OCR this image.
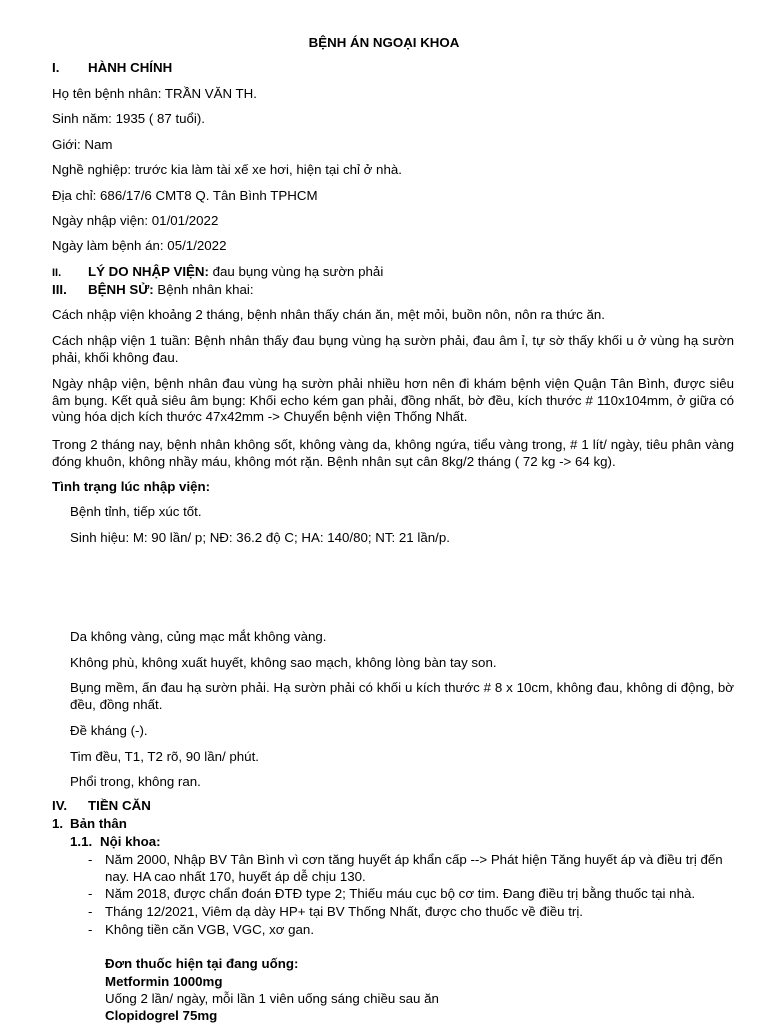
BỆNH ÁN NGOẠI KHOA
I. HÀNH CHÍNH
Họ tên bệnh nhân: TRẦN VĂN TH.
Sinh năm: 1935 ( 87 tuổi).
Giới: Nam
Nghề nghiệp: trước kia làm tài xế xe hơi, hiện tại chỉ ở nhà.
Địa chỉ: 686/17/6 CMT8 Q. Tân Bình TPHCM
Ngày nhập viện: 01/01/2022
Ngày làm bệnh án: 05/1/2022
II. LÝ DO NHẬP VIỆN: đau bụng vùng hạ sườn phải
III. BỆNH SỬ: Bệnh nhân khai:
Cách nhập viện khoảng 2 tháng, bệnh nhân thấy chán ăn, mệt mỏi, buồn nôn, nôn ra thức ăn.
Cách nhập viện 1 tuần: Bệnh nhân thấy đau bụng vùng hạ sườn phải, đau âm ỉ, tự sờ thấy khối u ở vùng hạ sườn phải, khối không đau.
Ngày nhập viện, bệnh nhân đau vùng hạ sườn phải nhiều hơn nên đi khám bệnh viện Quận Tân Bình, được siêu âm bụng. Kết quả siêu âm bụng: Khối echo kém gan phải, đồng nhất, bờ đều, kích thước # 110x104mm, ở giữa có vùng hóa dịch kích thước 47x42mm -> Chuyển bệnh viện Thống Nhất.
Trong 2 tháng nay, bệnh nhân không sốt, không vàng da, không ngứa, tiểu vàng trong, # 1 lít/ ngày, tiêu phân vàng đóng khuôn, không nhầy máu, không mót rặn. Bệnh nhân sụt cân 8kg/2 tháng ( 72 kg -> 64 kg).
Tình trạng lúc nhập viện:
Bệnh tỉnh, tiếp xúc tốt.
Sinh hiệu: M: 90 lần/ p; NĐ: 36.2 độ C; HA: 140/80; NT: 21 lần/p.
Da không vàng, củng mạc mắt không vàng.
Không phù, không xuất huyết, không sao mạch, không lòng bàn tay son.
Bụng mềm, ấn đau hạ sườn phải. Hạ sườn phải có khối u kích thước # 8 x 10cm, không đau, không di động, bờ đều, đồng nhất.
Đề kháng (-).
Tim đều, T1, T2 rõ, 90 lần/ phút.
Phổi trong, không ran.
IV. TIỀN CĂN
1. Bản thân
1.1. Nội khoa:
- Năm 2000, Nhập BV Tân Bình vì cơn tăng huyết áp khẩn cấp --> Phát hiện Tăng huyết áp và điều trị đến nay. HA cao nhất 170, huyết áp dễ chịu 130.
- Năm 2018, được chẩn đoán ĐTĐ type 2; Thiếu máu cục bộ cơ tim. Đang điều trị bằng thuốc tại nhà.
- Tháng 12/2021, Viêm dạ dày HP+ tại BV Thống Nhất, được cho thuốc về điều trị.
- Không tiền căn VGB, VGC, xơ gan.
Đơn thuốc hiện tại đang uống:
Metformin 1000mg
Uống 2 lần/ ngày, mỗi lần 1 viên uống sáng chiều sau ăn
Clopidogrel 75mg
